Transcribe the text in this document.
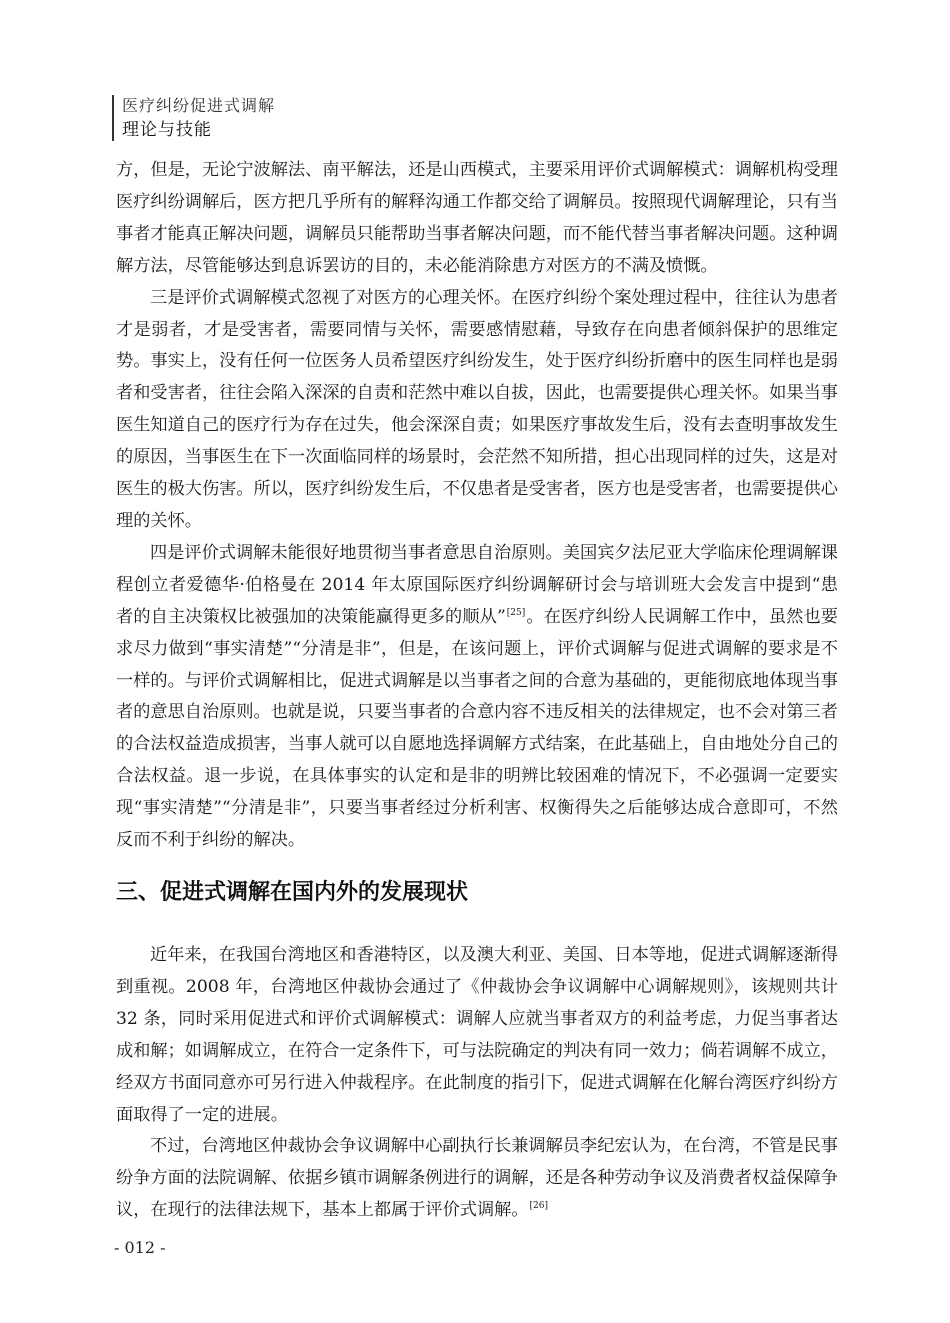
医疗纠纷促进式调解
理论与技能

方，但是，无论宁波解法、南平解法，还是山西模式，主要采用评价式调解模式：调解机构受理医疗纠纷调解后，医方把几乎所有的解释沟通工作都交给了调解员。按照现代调解理论，只有当事者才能真正解决问题，调解员只能帮助当事者解决问题，而不能代替当事者解决问题。这种调解方法，尽管能够达到息诉罢访的目的，未必能消除患方对医方的不满及愤慨。

三是评价式调解模式忽视了对医方的心理关怀。在医疗纠纷个案处理过程中，往往认为患者才是弱者，才是受害者，需要同情与关怀，需要感情慰藉，导致存在向患者倾斜保护的思维定势。事实上，没有任何一位医务人员希望医疗纠纷发生，处于医疗纠纷折磨中的医生同样也是弱者和受害者，往往会陷入深深的自责和茫然中难以自拔，因此，也需要提供心理关怀。如果当事医生知道自己的医疗行为存在过失，他会深深自责；如果医疗事故发生后，没有去查明事故发生的原因，当事医生在下一次面临同样的场景时，会茫然不知所措，担心出现同样的过失，这是对医生的极大伤害。所以，医疗纠纷发生后，不仅患者是受害者，医方也是受害者，也需要提供心理的关怀。

四是评价式调解未能很好地贯彻当事者意思自治原则。美国宾夕法尼亚大学临床伦理调解课程创立者爱德华·伯格曼在 2014 年太原国际医疗纠纷调解研讨会与培训班大会发言中提到“患者的自主决策权比被强加的决策能赢得更多的顺从”[25]。在医疗纠纷人民调解工作中，虽然也要求尽力做到“事实清楚”“分清是非”，但是，在该问题上，评价式调解与促进式调解的要求是不一样的。与评价式调解相比，促进式调解是以当事者之间的合意为基础的，更能彻底地体现当事者的意思自治原则。也就是说，只要当事者的合意内容不违反相关的法律规定，也不会对第三者的合法权益造成损害，当事人就可以自愿地选择调解方式结案，在此基础上，自由地处分自己的合法权益。退一步说，在具体事实的认定和是非的明辨比较困难的情况下，不必强调一定要实现“事实清楚”“分清是非”，只要当事者经过分析利害、权衡得失之后能够达成合意即可，不然反而不利于纠纷的解决。

三、促进式调解在国内外的发展现状

近年来，在我国台湾地区和香港特区，以及澳大利亚、美国、日本等地，促进式调解逐渐得到重视。2008 年，台湾地区仲裁协会通过了《仲裁协会争议调解中心调解规则》，该规则共计 32 条，同时采用促进式和评价式调解模式：调解人应就当事者双方的利益考虑，力促当事者达成和解；如调解成立，在符合一定条件下，可与法院确定的判决有同一效力；倘若调解不成立，经双方书面同意亦可另行进入仲裁程序。在此制度的指引下，促进式调解在化解台湾医疗纠纷方面取得了一定的进展。

不过，台湾地区仲裁协会争议调解中心副执行长兼调解员李纪宏认为，在台湾，不管是民事纷争方面的法院调解、依据乡镇市调解条例进行的调解，还是各种劳动争议及消费者权益保障争议，在现行的法律法规下，基本上都属于评价式调解。[26]

- 012 -
